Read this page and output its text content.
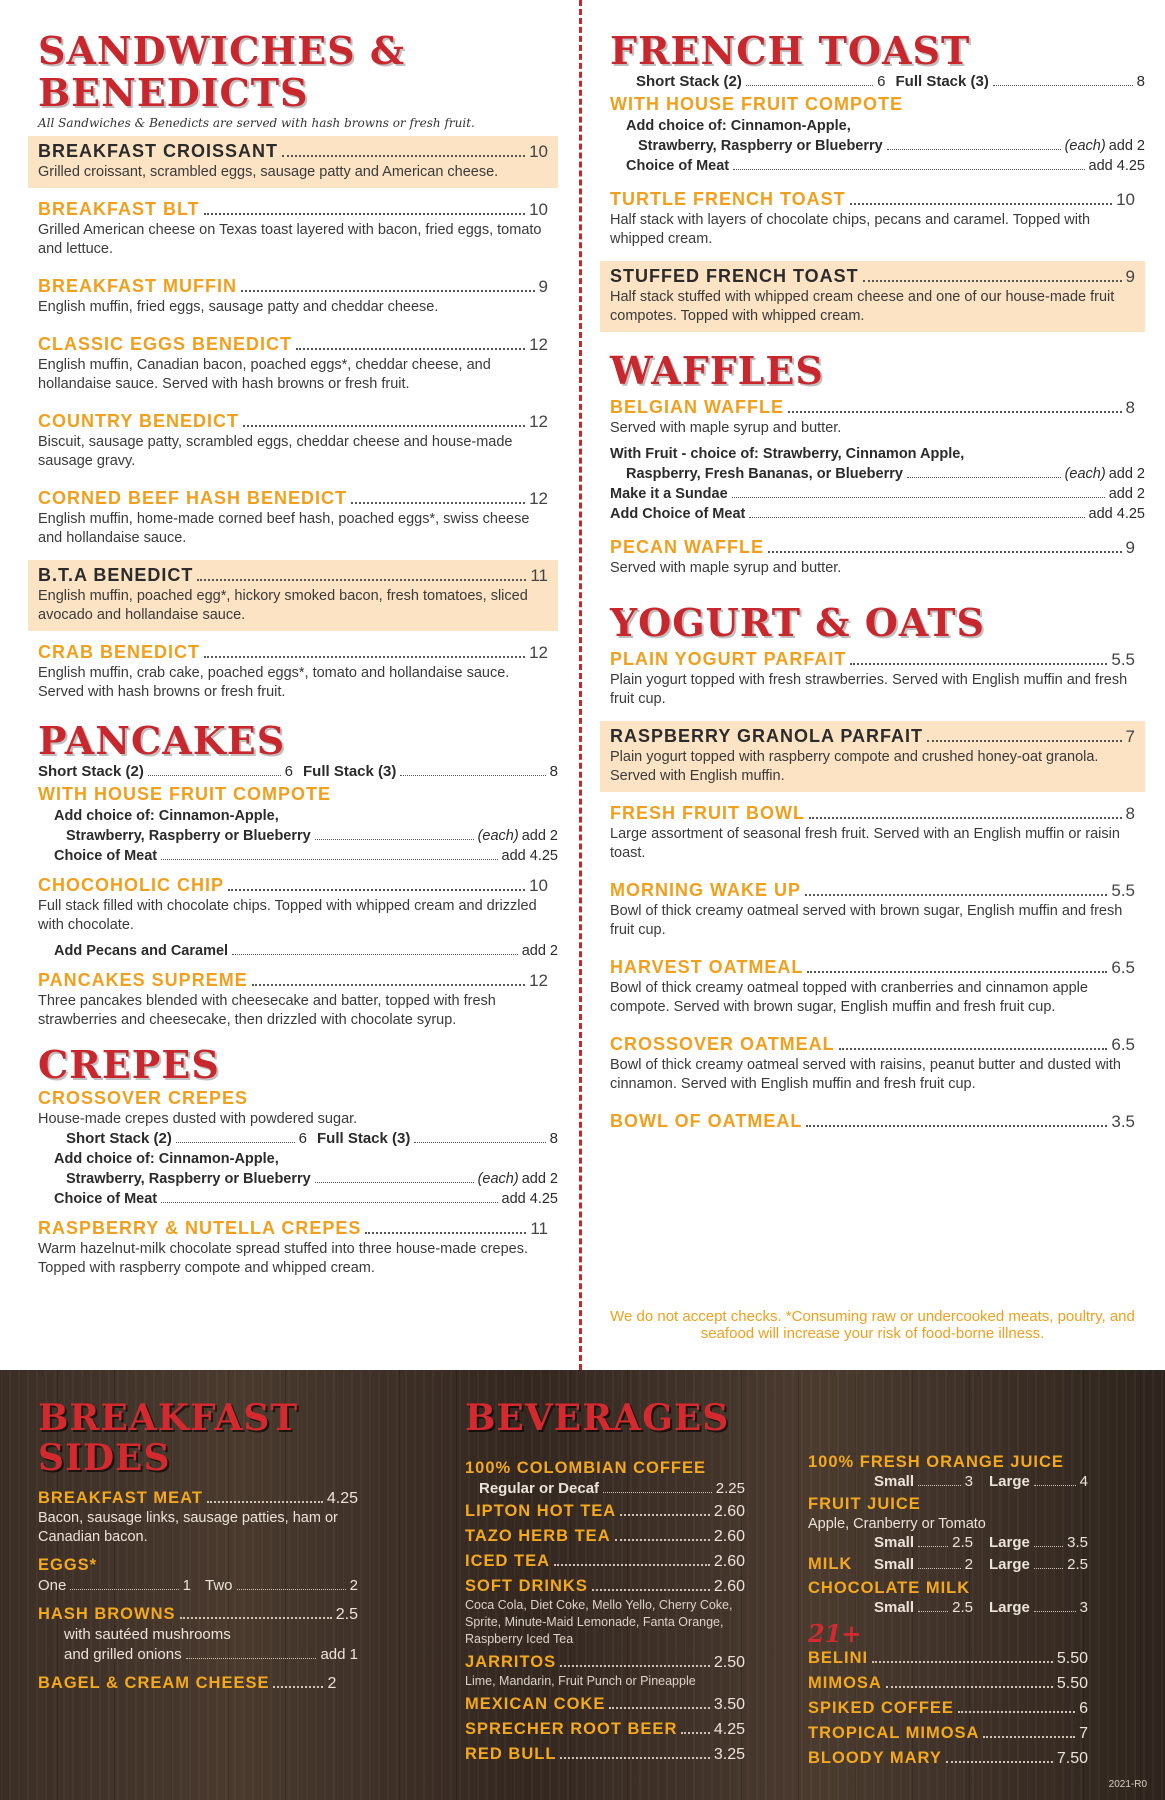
SANDWICHES &
BENEDICTS
All Sandwiches & Benedicts are served with hash browns or fresh fruit.
BREAKFAST CROISSANT	10
Grilled croissant, scrambled eggs, sausage patty and American cheese.
BREAKFAST BLT	10
Grilled American cheese on Texas toast layered with bacon, fried eggs, tomato and lettuce.
BREAKFAST MUFFIN	9
English muffin, fried eggs, sausage patty and cheddar cheese.
CLASSIC EGGS BENEDICT	12
English muffin, Canadian bacon, poached eggs*, cheddar cheese, and hollandaise sauce. Served with hash browns or fresh fruit.
COUNTRY BENEDICT	12
Biscuit, sausage patty, scrambled eggs, cheddar cheese and house-made sausage gravy.
CORNED BEEF HASH BENEDICT	12
English muffin, home-made corned beef hash, poached eggs*, swiss cheese and hollandaise sauce.
B.T.A BENEDICT	11
English muffin, poached egg*, hickory smoked bacon, fresh tomatoes, sliced avocado and hollandaise sauce.
CRAB BENEDICT	12
English muffin, crab cake, poached eggs*, tomato and hollandaise sauce. Served with hash browns or fresh fruit.
PANCAKES
Short Stack (2)	6 Full Stack (3)	8
WITH HOUSE FRUIT COMPOTE
Add choice of:
Cinnamon-Apple,
Strawberry, Raspberry or Blueberry	(each) add 2
Choice of Meat	add 4.25
CHOCOHOLIC CHIP	10
Full stack filled with chocolate chips. Topped with whipped cream and drizzled with chocolate.
Add Pecans and Caramel	add 2
PANCAKES SUPREME	12
Three pancakes blended with cheesecake and batter, topped with fresh strawberries and cheesecake, then drizzled with chocolate syrup.
CREPES
CROSSOVER CREPES
House-made crepes dusted with powdered sugar.
Short Stack (2)	6 Full Stack (3)	8
Add choice of:
Cinnamon-Apple,
Strawberry, Raspberry or Blueberry	(each) add 2
Choice of Meat	add 4.25
RASPBERRY & NUTELLA CREPES	11
Warm hazelnut-milk chocolate spread stuffed into three house-made crepes. Topped with raspberry compote and whipped cream.
FRENCH TOAST
Short Stack (2)	6 Full Stack (3)	8
WITH HOUSE FRUIT COMPOTE
Add choice of:
Cinnamon-Apple,
Strawberry, Raspberry or Blueberry	(each) add 2
Choice of Meat	add 4.25
TURTLE FRENCH TOAST	10
Half stack with layers of chocolate chips, pecans and caramel. Topped with whipped cream.
STUFFED FRENCH TOAST	9
Half stack stuffed with whipped cream cheese and one of our house-made fruit compotes. Topped with whipped cream.
WAFFLES
BELGIAN WAFFLE	8
Served with maple syrup and butter.
With Fruit - choice of: Strawberry, Cinnamon Apple,
Raspberry, Fresh Bananas, or Blueberry	(each) add 2
Make it a Sundae	add 2
Add Choice of Meat	add 4.25
PECAN WAFFLE	9
Served with maple syrup and butter.
YOGURT & OATS
PLAIN YOGURT PARFAIT	5.5
Plain yogurt topped with fresh strawberries. Served with English muffin and fresh fruit cup.
RASPBERRY GRANOLA PARFAIT	7
Plain yogurt topped with raspberry compote and crushed honey-oat granola. Served with English muffin.
FRESH FRUIT BOWL	8
Large assortment of seasonal fresh fruit. Served with an English muffin or raisin toast.
MORNING WAKE UP	5.5
Bowl of thick creamy oatmeal served with brown sugar, English muffin and fresh fruit cup.
HARVEST OATMEAL	6.5
Bowl of thick creamy oatmeal topped with cranberries and cinnamon apple compote. Served with brown sugar, English muffin and fresh fruit cup.
CROSSOVER OATMEAL	6.5
Bowl of thick creamy oatmeal served with raisins, peanut butter and dusted with cinnamon. Served with English muffin and fresh fruit cup.
BOWL OF OATMEAL	3.5
We do not accept checks. *Consuming raw or undercooked meats, poultry, and seafood will increase your risk of food-borne illness.
BREAKFAST
SIDES
BREAKFAST MEAT	4.25
Bacon, sausage links, sausage patties, ham or Canadian bacon.
EGGS*
One	1 Two	2
HASH BROWNS	2.5
with sautéed mushrooms
and grilled onions	add 1
BAGEL & CREAM CHEESE	2
BEVERAGES
100% COLOMBIAN COFFEE
Regular or Decaf	2.25
LIPTON HOT TEA	2.60
TAZO HERB TEA	2.60
ICED TEA	2.60
SOFT DRINKS	2.60
Coca Cola, Diet Coke, Mello Yello, Cherry Coke, Sprite, Minute-Maid Lemonade, Fanta Orange, Raspberry Iced Tea
JARRITOS	2.50
Lime, Mandarin, Fruit Punch or Pineapple
MEXICAN COKE	3.50
SPRECHER ROOT BEER 4.25
RED BULL	3.25
100% FRESH ORANGE JUICE
Small	3 Large	4
FRUIT JUICE
Apple, Cranberry or Tomato
Small	2.5 Large 3.5
MILK	Small	2 Large 2.5
CHOCOLATE MILK
Small	2.5 Large	3
21+
BELINI	5.50
MIMOSA	5.50
SPIKED COFFEE	6
TROPICAL MIMOSA	7
BLOODY MARY	7.50
2021-R0
